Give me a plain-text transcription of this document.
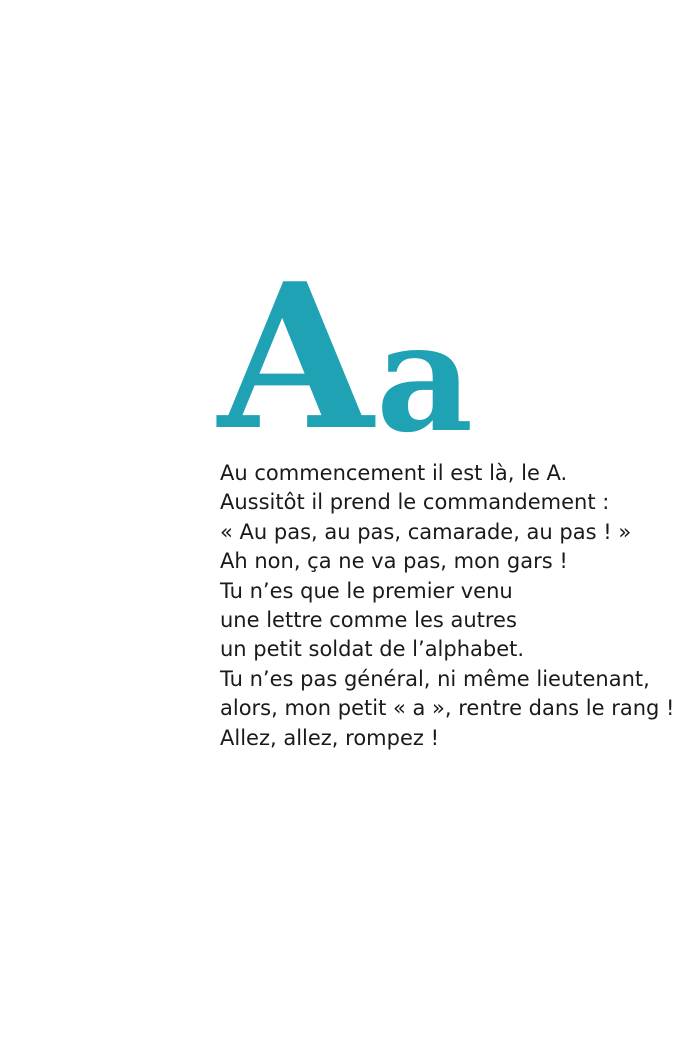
A a
Au commencement il est là, le A.
Aussitôt il prend le commandement :
« Au pas, au pas, camarade, au pas ! »
Ah non, ça ne va pas, mon gars !
Tu n’es que le premier venu
une lettre comme les autres
un petit soldat de l’alphabet.
Tu n’es pas général, ni même lieutenant,
alors, mon petit « a », rentre dans le rang !
Allez, allez, rompez !
